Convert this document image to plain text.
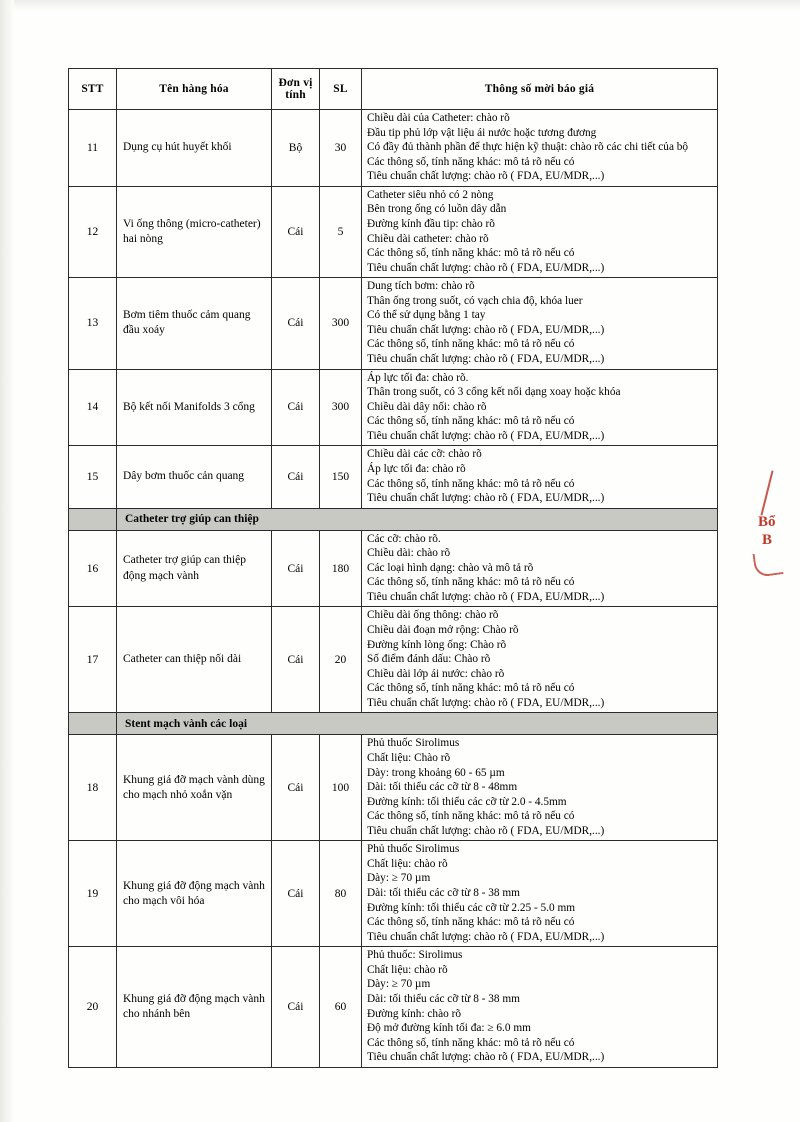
STT	Tên hàng hóa	Đơn vị tính	SL	Thông số mời báo giá
11	Dụng cụ hút huyết khối	Bộ	30	Chiều dài của Catheter: chào rõ
Đầu tip phủ lớp vật liệu ái nước hoặc tương đương
Có đầy đủ thành phần để thực hiện kỹ thuật: chào rõ các chi tiết của bộ
Các thông số, tính năng khác: mô tả rõ nếu có
Tiêu chuẩn chất lượng: chào rõ ( FDA, EU/MDR,...)

12	Vi ống thông (micro-catheter) hai nòng	Cái	5	
Catheter siêu nhỏ có 2 nòng
Bên trong ống có luồn dây dẫn
Đường kính đầu tip: chào rõ
Chiều dài catheter: chào rõ
Các thông số, tính năng khác: mô tả rõ nếu có
Tiêu chuẩn chất lượng: chào rõ ( FDA, EU/MDR,...)

13	Bơm tiêm thuốc cảm quang đầu xoáy	Cái	300	
Dung tích bơm: chào rõ
Thân ống trong suốt, có vạch chia độ, khóa luer
Có thể sử dụng bằng 1 tay
Tiêu chuẩn chất lượng: chào rõ ( FDA, EU/MDR,...)
Các thông số, tính năng khác: mô tả rõ nếu có
Tiêu chuẩn chất lượng: chào rõ ( FDA, EU/MDR,...)

14	Bộ kết nối Manifolds 3 cổng	Cái	300	Áp lực tối đa: chào rõ.
Thân trong suốt, có 3 cổng kết nối dạng xoay hoặc khóa
Chiều dài dây nối: chào rõ
Các thông số, tính năng khác: mô tả rõ nếu có
Tiêu chuẩn chất lượng: chào rõ ( FDA, EU/MDR,...)

15	Dây bơm thuốc cản quang	Cái	150	Chiều dài các cỡ: chào rõ
Áp lực tối đa: chào rõ
Các thông số, tính năng khác: mô tả rõ nếu có
Tiêu chuẩn chất lượng: chào rõ ( FDA, EU/MDR,...)

	Catheter trợ giúp can thiệp			
16	Catheter trợ giúp can thiệp động mạch vành	Cái	180	Các cỡ: chào rõ.
Chiều dài: chào rõ
Các loại hình dạng: chào và mô tả rõ
Các thông số, tính năng khác: mô tả rõ nếu có
Tiêu chuẩn chất lượng: chào rõ ( FDA, EU/MDR,...)

17	Catheter can thiệp nối dài	Cái	20	
Chiều dài ống thông: chào rõ
Chiều dài đoạn mở rộng: Chào rõ
Đường kính lòng ống: Chào rõ
Số điểm đánh dấu: Chào rõ
Chiều dài lớp ái nước: chào rõ
Các thông số, tính năng khác: mô tả rõ nếu có
Tiêu chuẩn chất lượng: chào rõ ( FDA, EU/MDR,...)

	Stent mạch vành các loại			
18	Khung giá đỡ mạch vành dùng cho mạch nhỏ xoắn vặn	Cái	100	
Phủ thuốc Sirolimus
Chất liệu: Chào rõ
Dày: trong khoảng 60 - 65 µm
Dài: tối thiểu các cỡ từ 8 - 48mm
Đường kính: tối thiểu các cỡ từ 2.0 - 4.5mm
Các thông số, tính năng khác: mô tả rõ nếu có
Tiêu chuẩn chất lượng: chào rõ ( FDA, EU/MDR,...)

19	Khung giá đỡ động mạch vành cho mạch vôi hóa	Cái	80	
Phủ thuốc Sirolimus
Chất liệu: chào rõ
Dày: ≥ 70 µm
Dài: tối thiểu các cỡ từ 8 - 38 mm
Đường kính: tối thiểu các cỡ từ 2.25 - 5.0 mm
Các thông số, tính năng khác: mô tả rõ nếu có
Tiêu chuẩn chất lượng: chào rõ ( FDA, EU/MDR,...)

20	Khung giá đỡ động mạch vành cho nhánh bên	Cái	60	
Phủ thuốc: Sirolimus
Chất liệu: chào rõ
Dày: ≥ 70 µm
Dài: tối thiểu các cỡ từ 8 - 38 mm
Đường kính: chào rõ
Độ mở đường kính tối đa: ≥ 6.0 mm
Các thông số, tính năng khác: mô tả rõ nếu có
Tiêu chuẩn chất lượng: chào rõ ( FDA, EU/MDR,...)
Bổ
B
